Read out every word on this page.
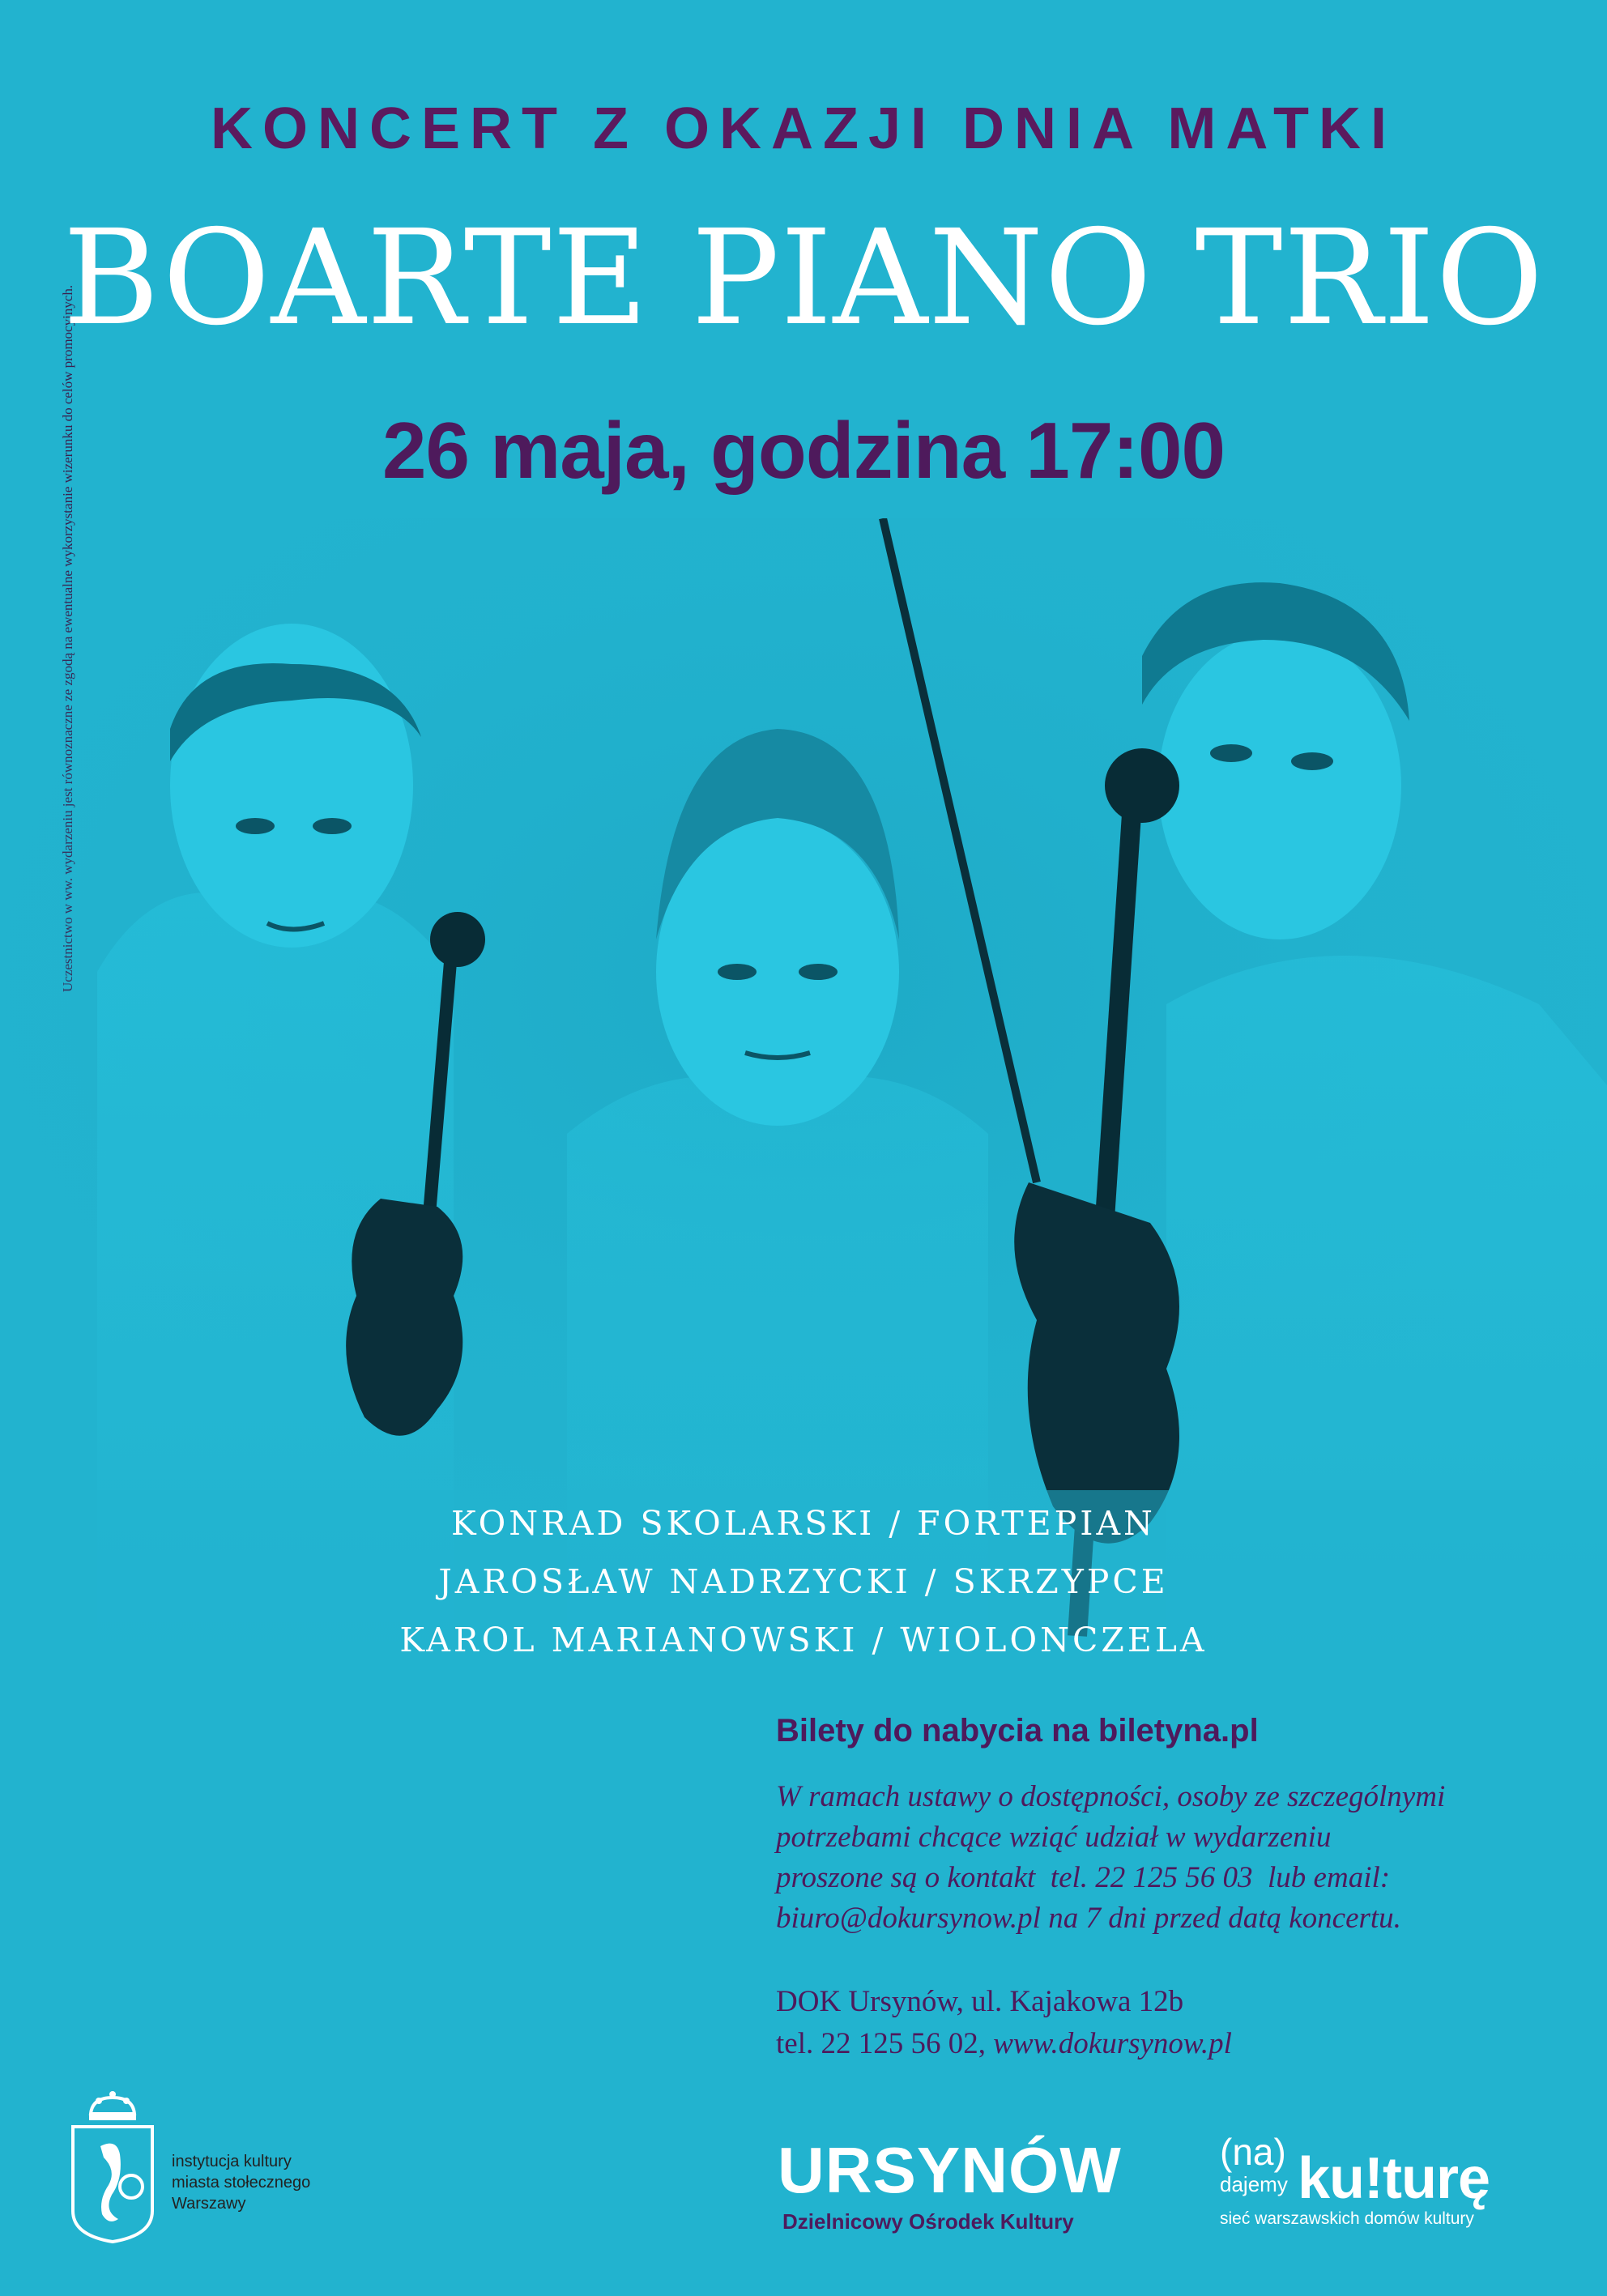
KONCERT Z OKAZJI DNIA MATKI
BOARTE PIANO TRIO
26 maja, godzina 17:00
KONRAD SKOLARSKI / FORTEPIAN
JAROSŁAW NADRZYCKI / SKRZYPCE
KAROL MARIANOWSKI / WIOLONCZELA
Bilety do nabycia na biletyna.pl

W ramach ustawy o dostępności, osoby ze szczególnymi

potrzebami chcące wziąć udział w wydarzeniu

proszone są o kontakt  tel. 22 125 56 03  lub email:

biuro@dokursynow.pl na 7 dni przed datą koncertu.

DOK Ursynów, ul. Kajakowa 12b

tel. 22 125 56 02, www.dokursynow.pl

instytucja kultury

miasta stołecznego

Warszawy	URSYNÓW
Dzielnicowy Ośrodek Kultury
(na)
dajemy ku!turę
sieć warszawskich domów kultury
